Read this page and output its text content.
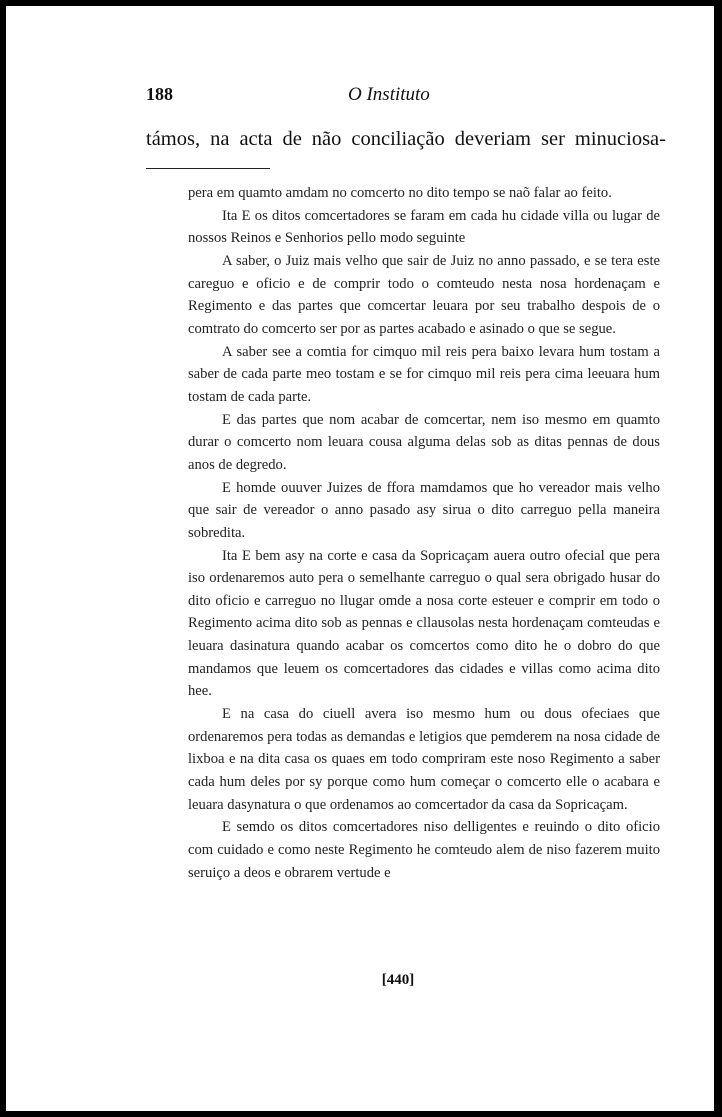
188	O Instituto
támos, na acta de não conciliação deveriam ser minuciosa-

pera em quamto amdam no comcerto no dito tempo se naõ falar ao feito.

Ita E os ditos comcertadores se faram em cada hu cidade villa ou lugar de nossos Reinos e Senhorios pello modo seguinte

A saber, o Juiz mais velho que sair de Juiz no anno passado, e se tera este careguo e oficio e de comprir todo o comteudo nesta nosa hordenaçam e Regimento e das partes que comcertar leuara por seu trabalho despois de o comtrato do comcerto ser por as partes acabado e asinado o que se segue.

A saber see a comtia for cimquo mil reis pera baixo levara hum tostam a saber de cada parte meo tostam e se for cimquo mil reis pera cima leeuara hum tostam de cada parte.

E das partes que nom acabar de comcertar, nem iso mesmo em quamto durar o comcerto nom leuara cousa alguma delas sob as ditas pennas de dous anos de degredo.

E homde ouuver Juizes de ffora mamdamos que ho vereador mais velho que sair de vereador o anno pasado asy sirua o dito carreguo pella maneira sobredita.

Ita E bem asy na corte e casa da Sopricaçam auera outro ofecial que pera iso ordenaremos auto pera o semelhante carreguo o qual sera obrigado husar do dito oficio e carreguo no llugar omde a nosa corte esteuer e comprir em todo o Regimento acima dito sob as pennas e cllausolas nesta hordenaçam comteudas e leuara dasinatura quando acabar os comcertos como dito he o dobro do que mandamos que leuem os comcertadores das cidades e villas como acima dito hee.

E na casa do ciuell avera iso mesmo hum ou dous ofeciaes que ordenaremos pera todas as demandas e letigios que pemderem na nosa cidade de lixboa e na dita casa os quaes em todo compriram este noso Regimento a saber cada hum deles por sy porque como hum começar o comcerto elle o acabara e leuara dasynatura o que ordenamos ao comcertador da casa da Sopricaçam.

E semdo os ditos comcertadores niso delligentes e reuindo o dito oficio com cuidado e como neste Regimento he comteudo alem de niso fazerem muito seruiço a deos e obrarem vertude e

[440]
